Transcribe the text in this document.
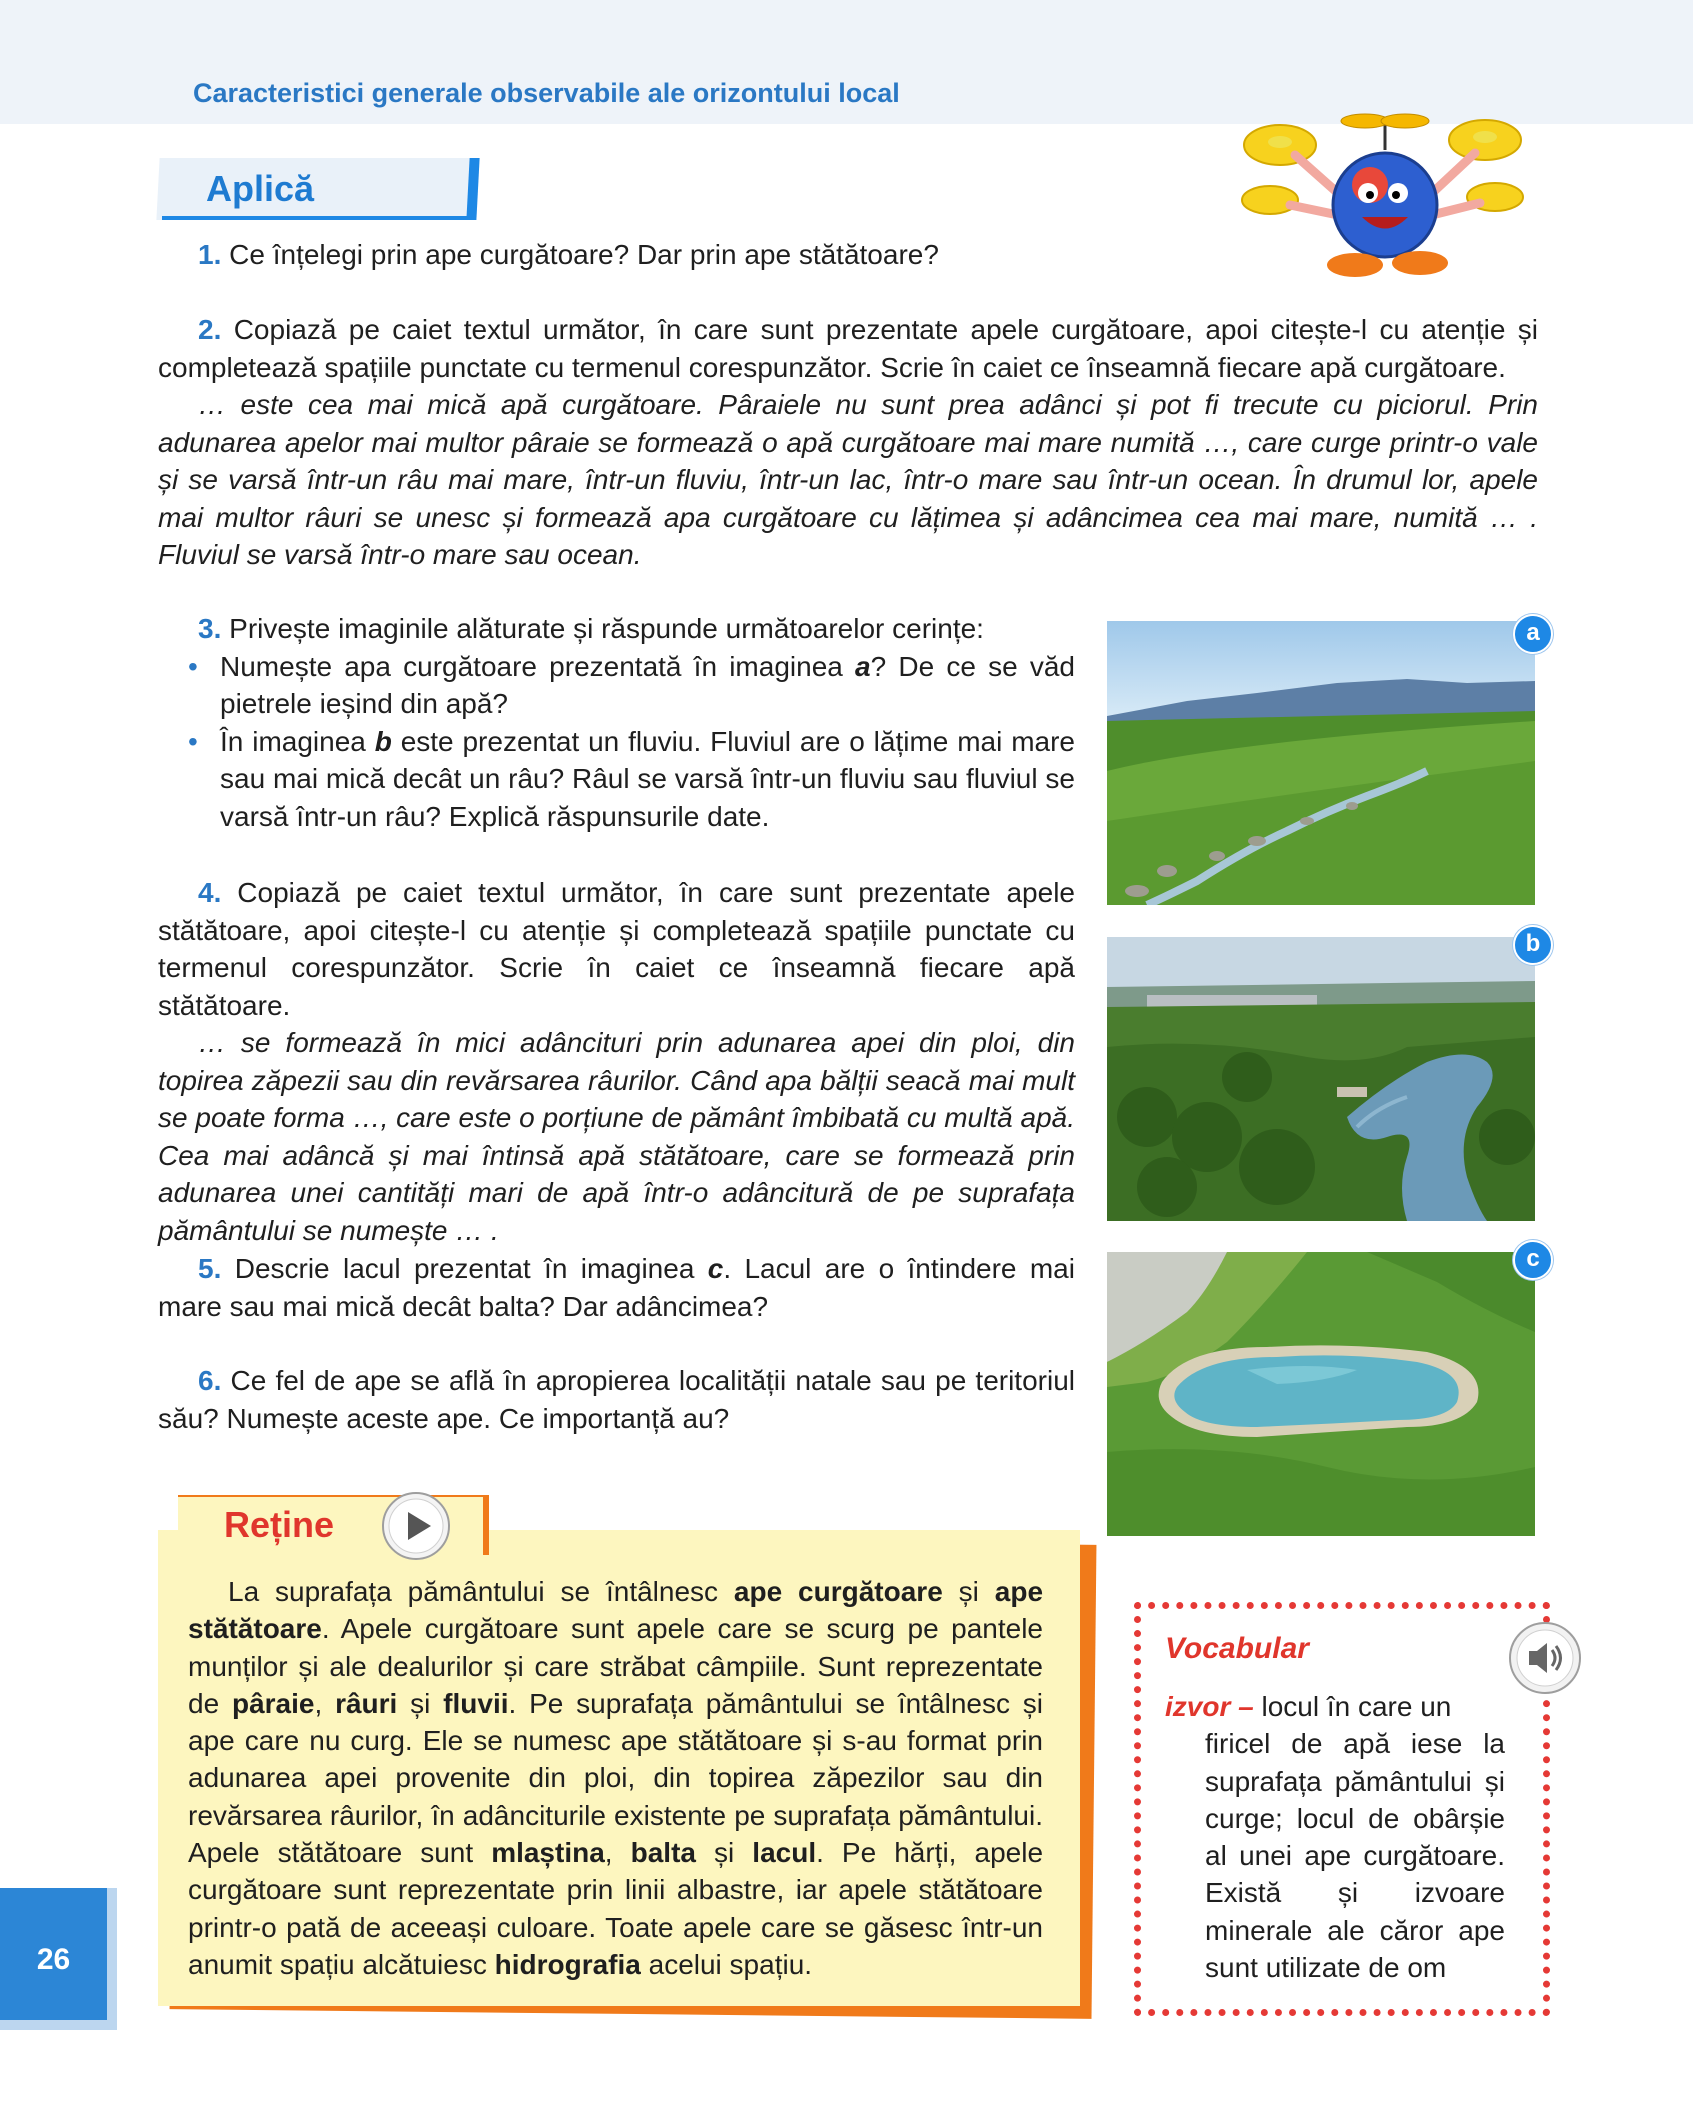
Caracteristici generale observabile ale orizontului local
Aplică
1. Ce înțelegi prin ape curgătoare? Dar prin ape stătătoare?
2. Copiază pe caiet textul următor, în care sunt prezentate apele curgătoare, apoi citește-l cu atenție și completează spațiile punctate cu termenul corespunzător. Scrie în caiet ce înseamnă fiecare apă curgătoare.
… este cea mai mică apă curgătoare. Pâraiele nu sunt prea adânci și pot fi trecute cu piciorul. Prin adunarea apelor mai multor pâraie se formează o apă curgătoare mai mare numită …, care curge printr-o vale și se varsă într-un râu mai mare, într-un fluviu, într-un lac, într-o mare sau într-un ocean. În drumul lor, apele mai multor râuri se unesc și formează apa curgătoare cu lățimea și adâncimea cea mai mare, numită … . Fluviul se varsă într-o mare sau ocean.
3. Privește imaginile alăturate și răspunde următoarelor cerințe:
• Numește apa curgătoare prezentată în imaginea a? De ce se văd pietrele ieșind din apă?
• În imaginea b este prezentat un fluviu. Fluviul are o lățime mai mare sau mai mică decât un râu? Râul se varsă într-un fluviu sau fluviul se varsă într-un râu? Explică răspunsurile date.
4. Copiază pe caiet textul următor, în care sunt prezentate apele stătătoare, apoi citește-l cu atenție și completează spațiile punctate cu termenul corespunzător. Scrie în caiet ce înseamnă fiecare apă stătătoare.
… se formează în mici adâncituri prin adunarea apei din ploi, din topirea zăpezii sau din revărsarea râurilor. Când apa bălții seacă mai mult se poate forma …, care este o porțiune de pământ îmbibată cu multă apă. Cea mai adâncă și mai întinsă apă stătătoare, care se formează prin adunarea unei cantități mari de apă într-o adâncitură de pe suprafața pământului se numește … .
5. Descrie lacul prezentat în imaginea c. Lacul are o întindere mai mare sau mai mică decât balta? Dar adâncimea?
6. Ce fel de ape se află în apropierea localității natale sau pe teritoriul său? Numește aceste ape. Ce importanță au?
a
b
c
Reține
La suprafața pământului se întâlnesc ape curgătoare și ape stătătoare. Apele curgătoare sunt apele care se scurg pe pantele munților și ale dealurilor și care străbat câmpiile. Sunt reprezentate de pâraie, râuri și fluvii. Pe suprafața pământului se întâlnesc și ape care nu curg. Ele se numesc ape stătătoare și s-au format prin adunarea apei provenite din ploi, din topirea zăpezilor sau din revărsarea râurilor, în adânciturile existente pe suprafața pământului. Apele stătătoare sunt mlaștina, balta și lacul. Pe hărți, apele curgătoare sunt reprezentate prin linii albastre, iar apele stătătoare printr-o pată de aceeași culoare. Toate apele care se găsesc într-un anumit spațiu alcătuiesc hidrografia acelui spațiu.
Vocabular
izvor – locul în care un
firicel de apă iese la suprafața pământului și curge; locul de obârșie al unei ape curgătoare. Există și izvoare minerale ale căror ape sunt utilizate de om
26
